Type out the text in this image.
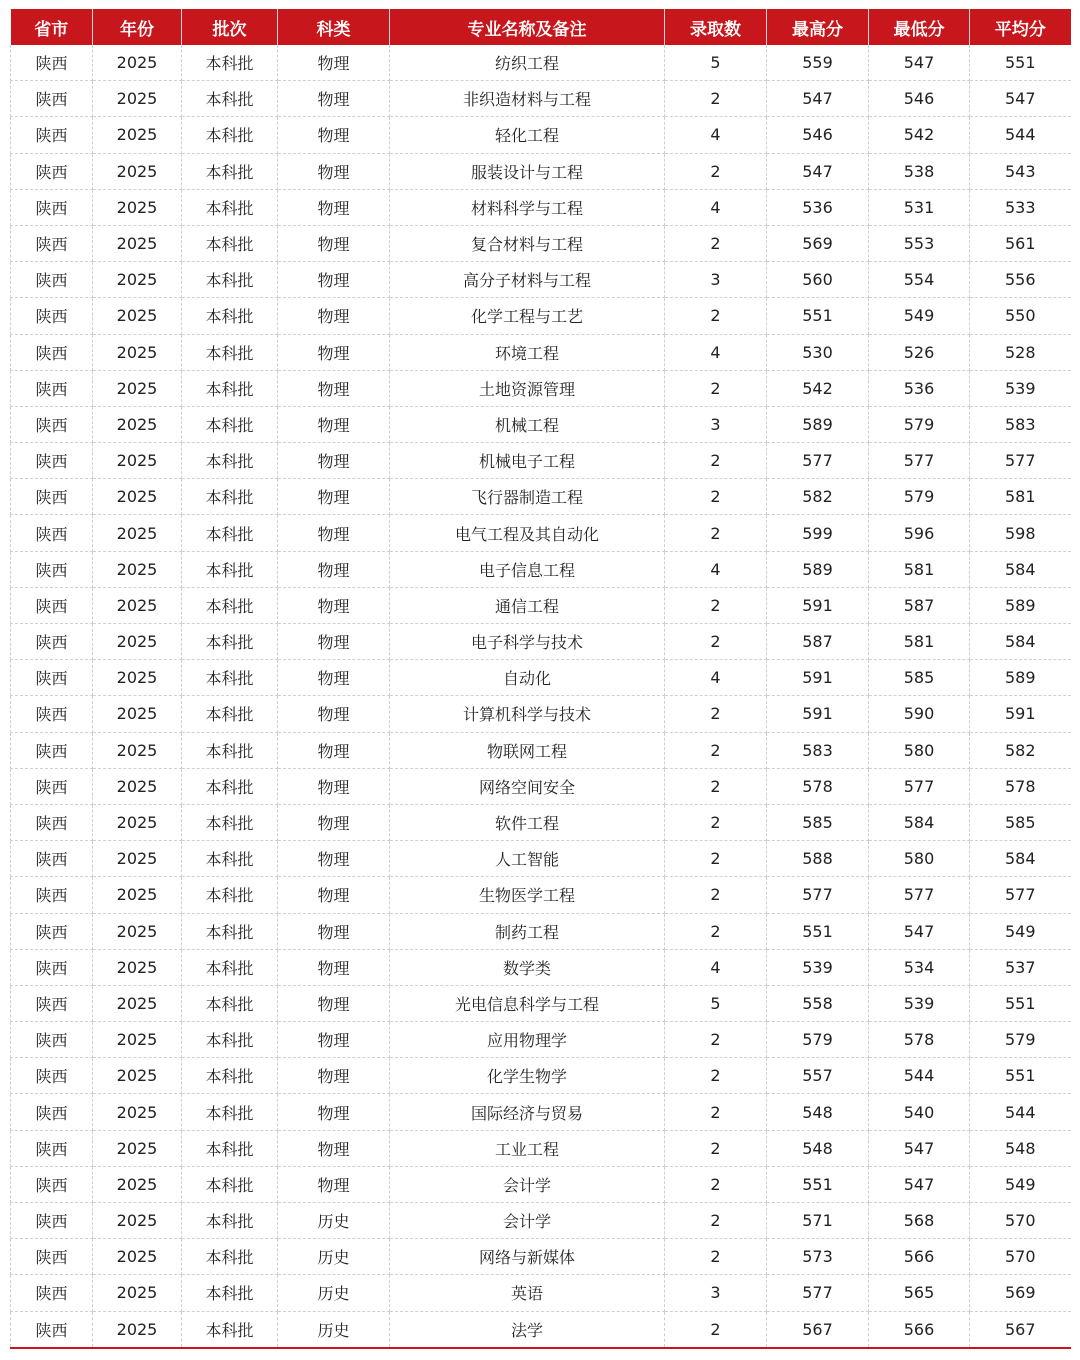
省市	年份	批次	科类	专业名称及备注	录取数	最高分	最低分	平均分
陕西	2025	本科批	物理	纺织工程	5	559	547	551
陕西	2025	本科批	物理	非织造材料与工程	2	547	546	547
陕西	2025	本科批	物理	轻化工程	4	546	542	544
陕西	2025	本科批	物理	服装设计与工程	2	547	538	543
陕西	2025	本科批	物理	材料科学与工程	4	536	531	533
陕西	2025	本科批	物理	复合材料与工程	2	569	553	561
陕西	2025	本科批	物理	高分子材料与工程	3	560	554	556
陕西	2025	本科批	物理	化学工程与工艺	2	551	549	550
陕西	2025	本科批	物理	环境工程	4	530	526	528
陕西	2025	本科批	物理	土地资源管理	2	542	536	539
陕西	2025	本科批	物理	机械工程	3	589	579	583
陕西	2025	本科批	物理	机械电子工程	2	577	577	577
陕西	2025	本科批	物理	飞行器制造工程	2	582	579	581
陕西	2025	本科批	物理	电气工程及其自动化	2	599	596	598
陕西	2025	本科批	物理	电子信息工程	4	589	581	584
陕西	2025	本科批	物理	通信工程	2	591	587	589
陕西	2025	本科批	物理	电子科学与技术	2	587	581	584
陕西	2025	本科批	物理	自动化	4	591	585	589
陕西	2025	本科批	物理	计算机科学与技术	2	591	590	591
陕西	2025	本科批	物理	物联网工程	2	583	580	582
陕西	2025	本科批	物理	网络空间安全	2	578	577	578
陕西	2025	本科批	物理	软件工程	2	585	584	585
陕西	2025	本科批	物理	人工智能	2	588	580	584
陕西	2025	本科批	物理	生物医学工程	2	577	577	577
陕西	2025	本科批	物理	制药工程	2	551	547	549
陕西	2025	本科批	物理	数学类	4	539	534	537
陕西	2025	本科批	物理	光电信息科学与工程	5	558	539	551
陕西	2025	本科批	物理	应用物理学	2	579	578	579
陕西	2025	本科批	物理	化学生物学	2	557	544	551
陕西	2025	本科批	物理	国际经济与贸易	2	548	540	544
陕西	2025	本科批	物理	工业工程	2	548	547	548
陕西	2025	本科批	物理	会计学	2	551	547	549
陕西	2025	本科批	历史	会计学	2	571	568	570
陕西	2025	本科批	历史	网络与新媒体	2	573	566	570
陕西	2025	本科批	历史	英语	3	577	565	569
陕西	2025	本科批	历史	法学	2	567	566	567
